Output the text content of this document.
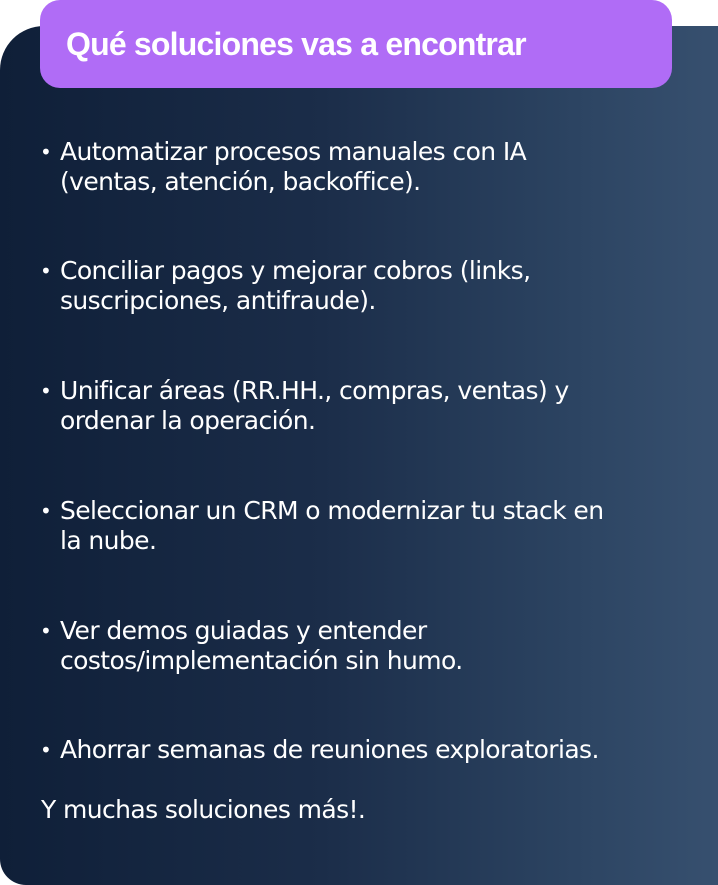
Qué soluciones vas a encontrar
• Automatizar procesos manuales con IA
(ventas, atención, backoffice).
• Conciliar pagos y mejorar cobros (links,
suscripciones, antifraude).
• Unificar áreas (RR.HH., compras, ventas) y
ordenar la operación.
• Seleccionar un CRM o modernizar tu stack en
la nube.
• Ver demos guiadas y entender
costos/implementación sin humo.
• Ahorrar semanas de reuniones exploratorias.
Y muchas soluciones más!.
